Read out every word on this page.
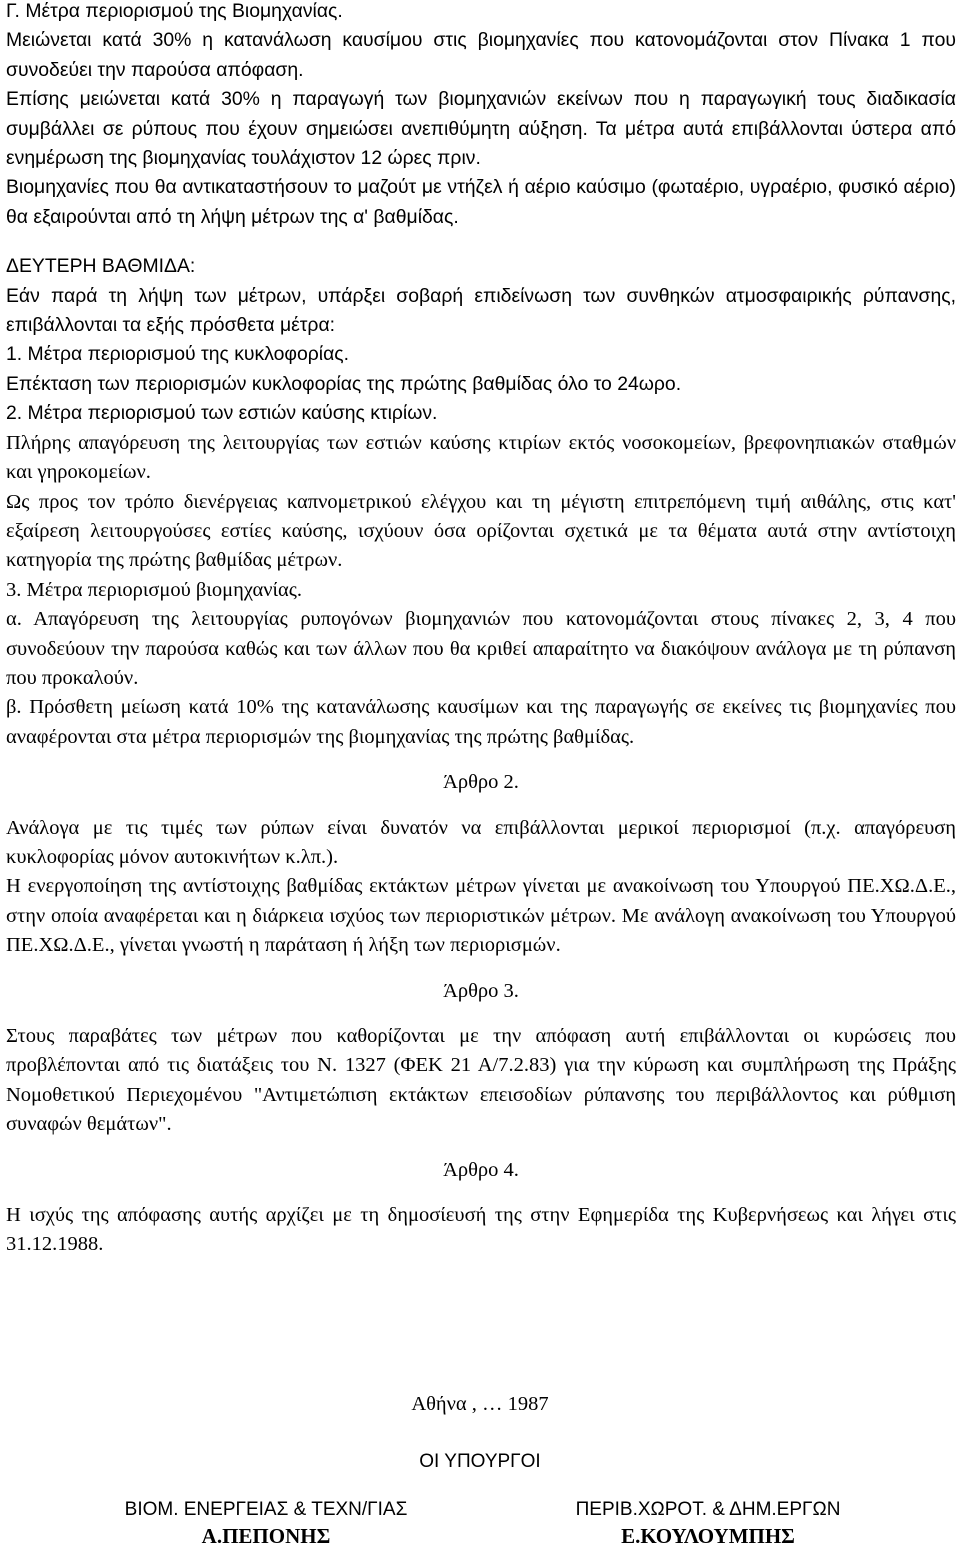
Γ. Μέτρα περιορισμού της Βιομηχανίας.

Μειώνεται κατά 30% η κατανάλωση καυσίμου στις βιομηχανίες που κατονομάζονται στον Πίνακα 1 που συνοδεύει την παρούσα απόφαση.

Επίσης μειώνεται κατά 30% η παραγωγή των βιομηχανιών εκείνων που η παραγωγική τους διαδικασία συμβάλλει σε ρύπους που έχουν σημειώσει ανεπιθύμητη αύξηση. Τα μέτρα αυτά επιβάλλονται ύστερα από ενημέρωση της βιομηχανίας τουλάχιστον 12 ώρες πριν.

Βιομηχανίες που θα αντικαταστήσουν το μαζούτ με ντήζελ ή αέριο καύσιμο (φωταέριο, υγραέριο, φυσικό αέριο) θα εξαιρούνται από τη λήψη μέτρων της α' βαθμίδας.

ΔΕΥΤΕΡΗ ΒΑΘΜΙΔΑ:

Εάν παρά τη λήψη των μέτρων, υπάρξει σοβαρή επιδείνωση των συνθηκών ατμοσφαιρικής ρύπανσης, επιβάλλονται τα εξής πρόσθετα μέτρα:

1. Μέτρα περιορισμού της κυκλοφορίας.

Επέκταση των περιορισμών κυκλοφορίας της πρώτης βαθμίδας όλο το 24ωρο.

2. Μέτρα περιορισμού των εστιών καύσης κτιρίων.

Πλήρης απαγόρευση της λειτουργίας των εστιών καύσης κτιρίων εκτός νοσοκομείων, βρεφονηπιακών σταθμών και γηροκομείων.

Ως προς τον τρόπο διενέργειας καπνομετρικού ελέγχου και τη μέγιστη επιτρεπόμενη τιμή αιθάλης, στις κατ' εξαίρεση λειτουργούσες εστίες καύσης, ισχύουν όσα ορίζονται σχετικά με τα θέματα αυτά στην αντίστοιχη κατηγορία της πρώτης βαθμίδας μέτρων.

3. Μέτρα περιορισμού βιομηχανίας.

α. Απαγόρευση της λειτουργίας ρυπογόνων βιομηχανιών που κατονομάζονται στους πίνακες 2, 3, 4 που συνοδεύουν την παρούσα καθώς και των άλλων που θα κριθεί απαραίτητο να διακόψουν ανάλογα με τη ρύπανση που προκαλούν.

β. Πρόσθετη μείωση κατά 10% της κατανάλωσης καυσίμων και της παραγωγής σε εκείνες τις βιομηχανίες που αναφέρονται στα μέτρα περιορισμών της βιομηχανίας της πρώτης βαθμίδας.

Άρθρο 2.

Ανάλογα με τις τιμές των ρύπων είναι δυνατόν να επιβάλλονται μερικοί περιορισμοί (π.χ. απαγόρευση κυκλοφορίας μόνον αυτοκινήτων κ.λπ.).

Η ενεργοποίηση της αντίστοιχης βαθμίδας εκτάκτων μέτρων γίνεται με ανακοίνωση του Υπουργού ΠΕ.ΧΩ.Δ.Ε., στην οποία αναφέρεται και η διάρκεια ισχύος των περιοριστικών μέτρων. Με ανάλογη ανακοίνωση του Υπουργού ΠΕ.ΧΩ.Δ.Ε., γίνεται γνωστή η παράταση ή λήξη των περιορισμών.

Άρθρο 3.

Στους παραβάτες των μέτρων που καθορίζονται με την απόφαση αυτή επιβάλλονται οι κυρώσεις που προβλέπονται από τις διατάξεις του Ν. 1327 (ΦΕΚ 21 Α/7.2.83) για την κύρωση και συμπλήρωση της Πράξης Νομοθετικού Περιεχομένου "Αντιμετώπιση εκτάκτων επεισοδίων ρύπανσης του περιβάλλοντος και ρύθμιση συναφών θεμάτων".

Άρθρο 4.

Η ισχύς της απόφασης αυτής αρχίζει με τη δημοσίευσή της στην Εφημερίδα της Κυβερνήσεως και λήγει στις 31.12.1988.

Αθήνα , … 1987
ΟΙ ΥΠΟΥΡΓΟΙ
ΒΙΟΜ. ΕΝΕΡΓΕΙΑΣ & ΤΕΧΝ/ΓΙΑΣ
Α.ΠΕΠΟΝΗΣ
ΠΕΡΙΒ.ΧΩΡΟΤ. & ΔΗΜ.ΕΡΓΩΝ
Ε.ΚΟΥΛΟΥΜΠΗΣ
